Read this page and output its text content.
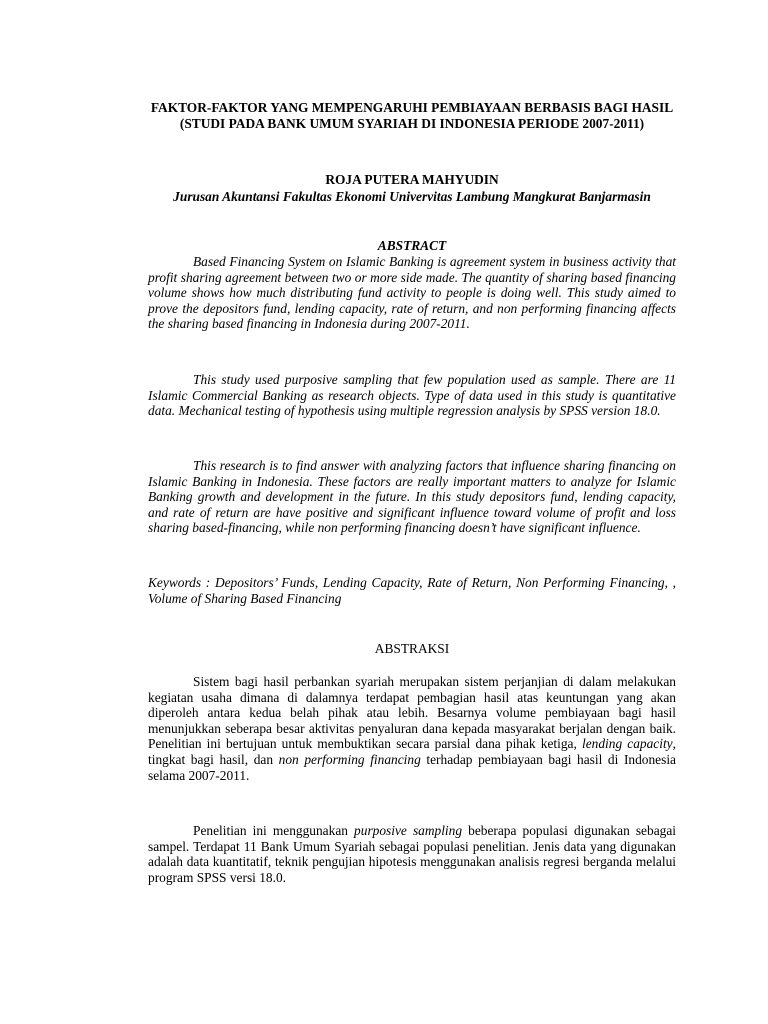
FAKTOR-FAKTOR YANG MEMPENGARUHI PEMBIAYAAN BERBASIS BAGI HASIL (STUDI PADA BANK UMUM SYARIAH DI INDONESIA PERIODE 2007-2011)
ROJA PUTERA MAHYUDIN
Jurusan Akuntansi Fakultas Ekonomi Univervitas Lambung Mangkurat Banjarmasin
ABSTRACT
Based Financing System on Islamic Banking is agreement system in business activity that profit sharing agreement between two or more side made. The quantity of sharing based financing volume shows how much distributing fund activity to people is doing well. This study aimed to prove the depositors fund, lending capacity, rate of return, and non performing financing affects the sharing based financing in Indonesia during 2007-2011.
This study used purposive sampling that few population used as sample. There are 11 Islamic Commercial Banking as research objects. Type of data used in this study is quantitative data. Mechanical testing of hypothesis using multiple regression analysis by SPSS version 18.0.
This research is to find answer with analyzing factors that influence sharing financing on Islamic Banking in Indonesia. These factors are really important matters to analyze for Islamic Banking growth and development in the future. In this study depositors fund, lending capacity, and rate of return are have positive and significant influence toward volume of profit and loss sharing based-financing, while non performing financing doesn’t have significant influence.
Keywords : Depositors’ Funds, Lending Capacity, Rate of Return, Non Performing Financing, , Volume of Sharing Based Financing
ABSTRAKSI
Sistem bagi hasil perbankan syariah merupakan sistem perjanjian di dalam melakukan kegiatan usaha dimana di dalamnya terdapat pembagian hasil atas keuntungan yang akan diperoleh antara kedua belah pihak atau lebih. Besarnya volume pembiayaan bagi hasil menunjukkan seberapa besar aktivitas penyaluran dana kepada masyarakat berjalan dengan baik. Penelitian ini bertujuan untuk membuktikan secara parsial dana pihak ketiga, lending capacity, tingkat bagi hasil, dan non performing financing terhadap pembiayaan bagi hasil di Indonesia selama 2007-2011.
Penelitian ini menggunakan purposive sampling beberapa populasi digunakan sebagai sampel. Terdapat 11 Bank Umum Syariah sebagai populasi penelitian. Jenis data yang digunakan adalah data kuantitatif, teknik pengujian hipotesis menggunakan analisis regresi berganda melalui program SPSS versi 18.0.
